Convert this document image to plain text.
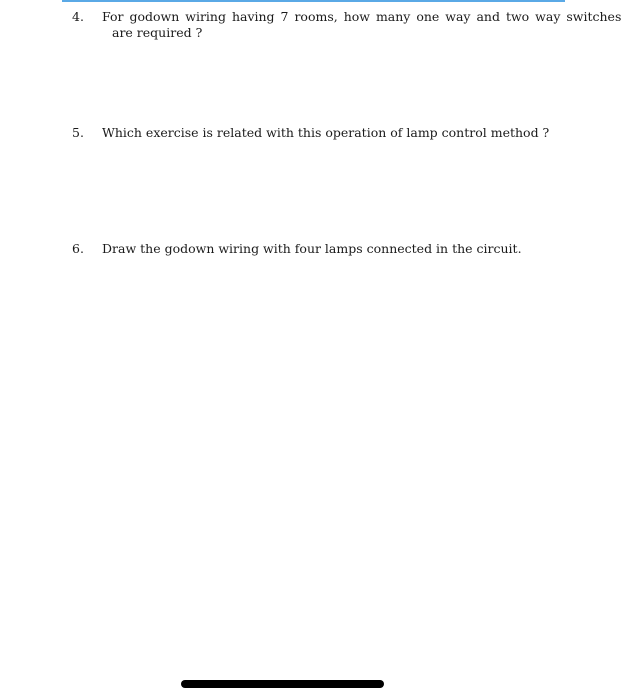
4. For godown wiring having 7 rooms, how many one way and two way switches
are required ?
5. Which exercise is related with this operation of lamp control method ?
6. Draw the godown wiring with four lamps connected in the circuit.
